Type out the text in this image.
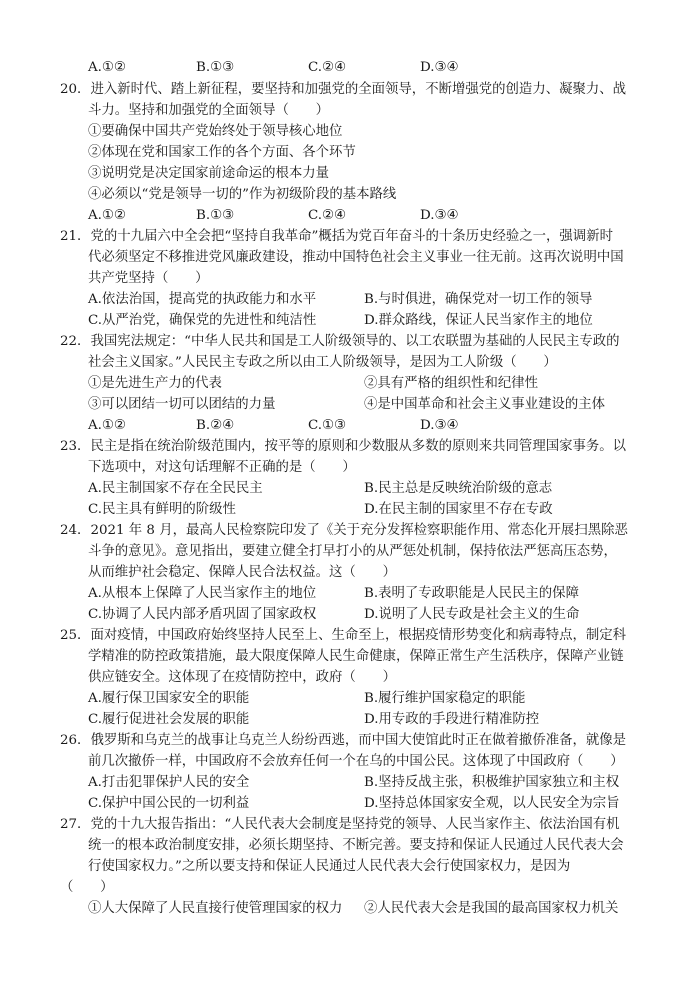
A.①②	B.①③	C.②④	D.③④
20．进入新时代、踏上新征程，要坚持和加强党的全面领导，不断增强党的创造力、凝聚力、战
斗力。坚持和加强党的全面领导（　　）
①要确保中国共产党始终处于领导核心地位
②体现在党和国家工作的各个方面、各个环节
③说明党是决定国家前途命运的根本力量
④必须以“党是领导一切的”作为初级阶段的基本路线
A.①②	B.①③	C.②④	D.③④
21．党的十九届六中全会把“坚持自我革命”概括为党百年奋斗的十条历史经验之一，强调新时
代必须坚定不移推进党风廉政建设，推动中国特色社会主义事业一往无前。这再次说明中国
共产党坚持（　　）
A.依法治国，提高党的执政能力和水平	B.与时俱进，确保党对一切工作的领导
C.从严治党，确保党的先进性和纯洁性	D.群众路线，保证人民当家作主的地位
22．我国宪法规定：“中华人民共和国是工人阶级领导的、以工农联盟为基础的人民民主专政的
社会主义国家。”人民民主专政之所以由工人阶级领导，是因为工人阶级（　　）
①是先进生产力的代表	②具有严格的组织性和纪律性
③可以团结一切可以团结的力量	④是中国革命和社会主义事业建设的主体
A.①②	B.②④	C.①③	D.③④
23．民主是指在统治阶级范围内，按平等的原则和少数服从多数的原则来共同管理国家事务。以
下选项中，对这句话理解不正确的是（　　）
A.民主制国家不存在全民民主	B.民主总是反映统治阶级的意志
C.民主具有鲜明的阶级性	D.在民主制的国家里不存在专政
24．2021 年 8 月，最高人民检察院印发了《关于充分发挥检察职能作用、常态化开展扫黑除恶
斗争的意见》。意见指出，要建立健全打早打小的从严惩处机制，保持依法严惩高压态势，
从而维护社会稳定、保障人民合法权益。这（　　）
A.从根本上保障了人民当家作主的地位	B.表明了专政职能是人民民主的保障
C.协调了人民内部矛盾巩固了国家政权	D.说明了人民专政是社会主义的生命
25．面对疫情，中国政府始终坚持人民至上、生命至上，根据疫情形势变化和病毒特点，制定科
学精准的防控政策措施，最大限度保障人民生命健康，保障正常生产生活秩序，保障产业链
供应链安全。这体现了在疫情防控中，政府（　　）
A.履行保卫国家安全的职能	B.履行维护国家稳定的职能
C.履行促进社会发展的职能	D.用专政的手段进行精准防控
26．俄罗斯和乌克兰的战事让乌克兰人纷纷西逃，而中国大使馆此时正在做着撤侨准备，就像是
前几次撤侨一样，中国政府不会放弃任何一个在乌的中国公民。这体现了中国政府（　　）
A.打击犯罪保护人民的安全	B.坚持反战主张，积极维护国家独立和主权
C.保护中国公民的一切利益	D.坚持总体国家安全观，以人民安全为宗旨
27．党的十九大报告指出：“人民代表大会制度是坚持党的领导、人民当家作主、依法治国有机
统一的根本政治制度安排，必须长期坚持、不断完善。要支持和保证人民通过人民代表大会
行使国家权力。”之所以要支持和保证人民通过人民代表大会行使国家权力，是因为
（　　）
①人大保障了人民直接行使管理国家的权力 ②人民代表大会是我国的最高国家权力机关
